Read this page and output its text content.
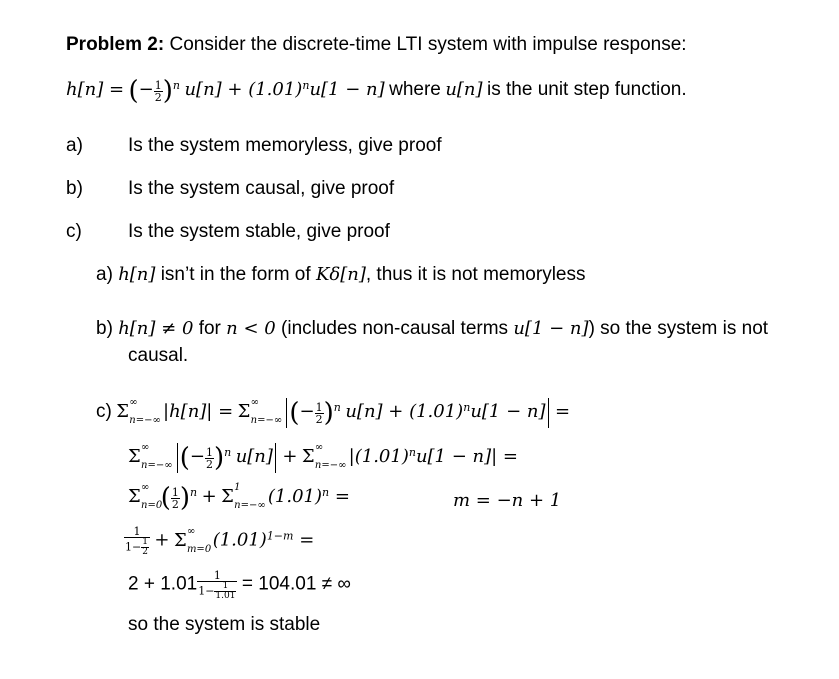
Problem 2: Consider the discrete-time LTI system with impulse response:
h[n] = (− $\frac{1}{2} )^n$ $u[n] + (1.01)^nu[1 - n]$ where u[n] is the unit step function.
a) Is the system memoryless, give proof
b) Is the system causal, give proof
c) Is the system stable, give proof
a) h[n] isn’t in the form of Kδ[n], thus it is not memoryless
b) h[n] ≠ 0 for n < 0 (includes non-causal terms u[1 − n]) so the system is not
causal.
c) Σ ∞
n=−∞ |h[n]| = Σ ∞
n=−∞ (− $\frac{1}{2} )^n$ $u[n] + (1.01)^nu[1 - n]$ =
Σ ∞
n=−∞ (− $\frac{1}{2} )^n$ u[n] + Σ ∞
n=−∞ $|(1.01)^nu[1 - n]|$ =
Σ ∞
n=0
( $\frac{1}{2} )^n + \Sigma$ 1
n=−∞ $(1.01)^n$ =	m = −n + 1
$\frac{1}{1- \frac{1}{2}} + \Sigma$ ∞
m=0 $(1.01)^{1-m}$ =
$2 + 1.01 \frac{1}{1- \frac{1}{1.01}} = 104.01$ ≠ ∞
so the system is stable
